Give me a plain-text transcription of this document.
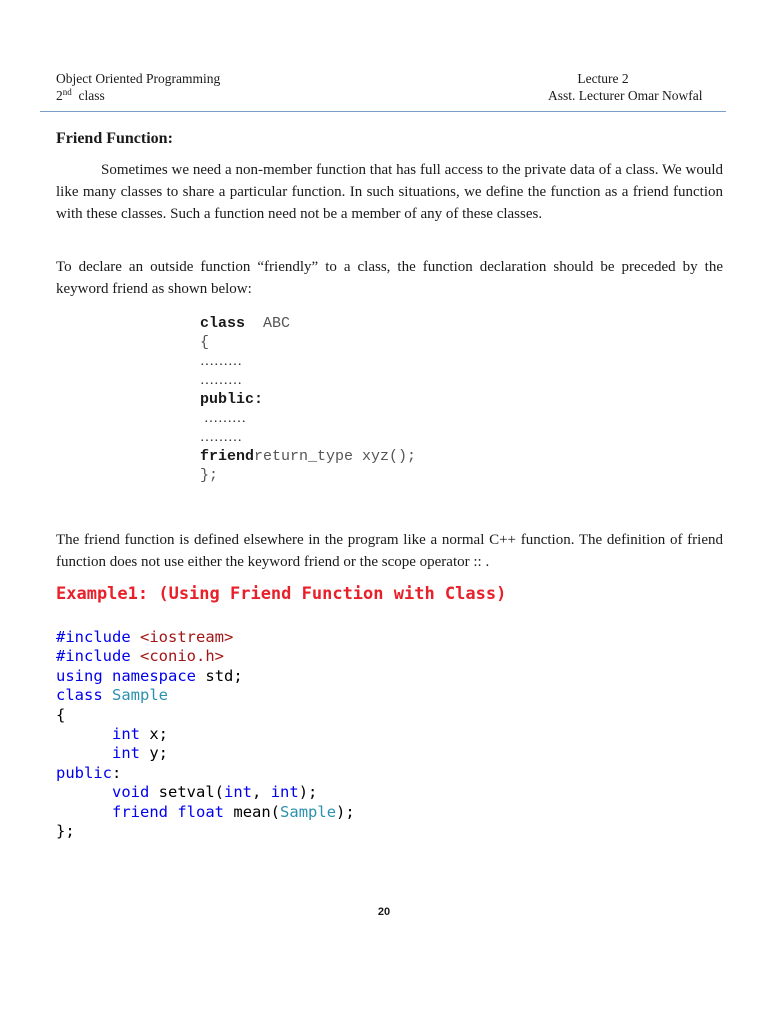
Object Oriented Programming	Lecture 2
2nd class	Asst. Lecturer Omar Nowfal
Friend Function:
Sometimes we need a non-member function that has full access to the private data of a class. We would like many classes to share a particular function. In such situations, we define the function as a friend function with these classes. Such a function need not be a member of any of these classes.
To declare an outside function “friendly” to a class, the function declaration should be preceded by the keyword friend as shown below:
class ABC
{
………
………
public:
………
………
friendreturn_type xyz();
};
The friend function is defined elsewhere in the program like a normal C++ function. The definition of friend function does not use either the keyword friend or the scope operator :: .
Example1: (Using Friend Function with Class)
#include <iostream>
#include <conio.h>
using namespace std;
class Sample
{
int x;
int y;
public:
void setval(int, int);
friend float mean(Sample);
};
20
